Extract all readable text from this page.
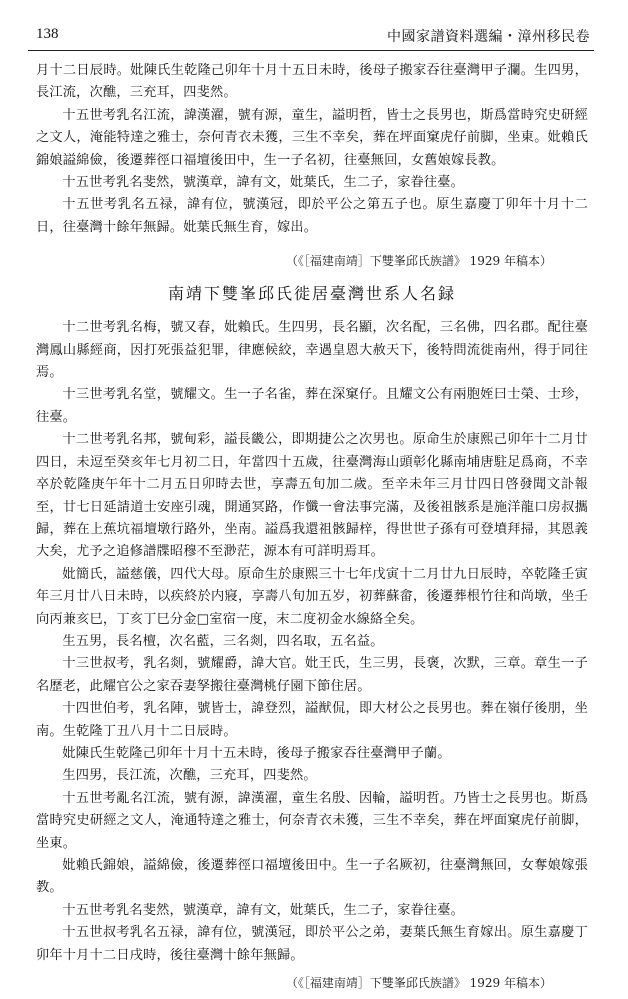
138	中國家譜資料選編・漳州移民卷

月十二日辰時。妣陳氏生乾隆己卯年十月十五日未時，後母子搬家吞往臺灣甲子瀾。生四男，長江流，次醮，三充耳，四斐然。

十五世考乳名江流，諱漢濯，號有源，童生，謚明哲，皆士之長男也，斯爲當時究史研經之文人，淹能特達之雅士，奈何青衣未獲，三生不幸矣，葬在坪面窠虎仔前脚，坐東。妣賴氏錦娘謚綿儉，後遷葬徑口福壇後田中，生一子名初，往臺無回，女舊娘嫁長教。

十五世考乳名斐然，號漢章，諱有文，妣葉氏，生二子，家眷往臺。

十五世考乳名五禄，諱有位，號漢冠，即於平公之第五子也。原生嘉慶丁卯年十月十二日，往臺灣十餘年無歸。妣葉氏無生育，嫁出。

（《［福建南靖］下雙峯邱氏族譜》 1929 年稿本）
南靖下雙峯邱氏徙居臺灣世系人名録

十二世考乳名梅，號又春，妣賴氏。生四男，長名顯，次名配，三名佛，四名郡。配往臺灣鳳山縣經商，因打死張益犯罪，律應候絞，幸遇皇恩大赦天下，後特問流徙南州，得于同往焉。

十三世考乳名堂，號耀文。生一子名雀，葬在深窠仔。且耀文公有兩胞姪曰士榮、士珍，往臺。

十二世考乳名邦，號甸彩，謚長畿公，即期捷公之次男也。原命生於康熙己卯年十二月廿四日，未逗至癸亥年七月初二日，年當四十五歲，往臺灣海山頭彰化縣南埔唐駐足爲商，不幸卒於乾隆庚午年十二月五日卯時去世，享壽五旬加二歲。至辛未年三月廿四日啓發聞文訃報至，廿七日延請道士安座引魂，開通冥路，作懺一會法事完滿，及後祖骸系是施洋龍口房叔攜歸，葬在上蕉坑福壇墩行路外，坐南。謚爲我還祖骸歸梓，得世世子孫有可登墳拜掃，其恩義大矣，尤予之追修譜牒昭穆不至渺茫，源本有可詳明焉耳。

妣簡氏，謚慈儀，四代大母。原命生於康熙三十七年戊寅十二月廿九日辰時，卒乾隆壬寅年三月廿八日未時，以疾終於内寢，享壽八旬加五岁，初葬蘇畲，後遷葬根竹往和尚墩，坐壬向丙兼亥巳，丁亥丁巳分金□室宿一度，末二度初金水線絡全矣。

生五男，長名檀，次名藍，三名剡，四名取，五名益。

十三世叔考，乳名剡，號耀爵，諱大官。妣王氏，生三男，長褒，次默，三章。章生一子名歷老，此耀官公之家吞妻孥搬往臺灣桃仔園下節住居。

十四世伯考，乳名陣，號皆士，諱登烈，謚猷侃，即大材公之長男也。葬在嶺仔後朋，坐南。生乾隆丁丑八月十二日辰時。

妣陳氏生乾隆己卯年十月十五未時，後母子搬家吞往臺灣甲子蘭。

生四男，長江流，次醮，三充耳，四斐然。

十五世考亂名江流，號有源，諱漢濯，童生名殷、因輪，謚明哲。乃皆士之長男也。斯爲當時究史研經之文人，淹通特達之雅士，何奈青衣未獲，三生不幸矣，葬在坪面窠虎仔前脚，坐東。

妣賴氏錦娘，謚綿儉，後遷葬徑口福壇後田中。生一子名厥初，往臺灣無回，女奪娘嫁張教。

十五世考乳名斐然，號漢章，諱有文，妣葉氏，生二子，家眷往臺。

十五世叔考乳名五禄，諱有位，號漢冠，即於平公之弟，妻葉氏無生育嫁出。原生嘉慶丁卯年十月十二日戌時，後往臺灣十餘年無歸。

（《［福建南靖］下雙峯邱氏族譜》 1929 年稿本）
